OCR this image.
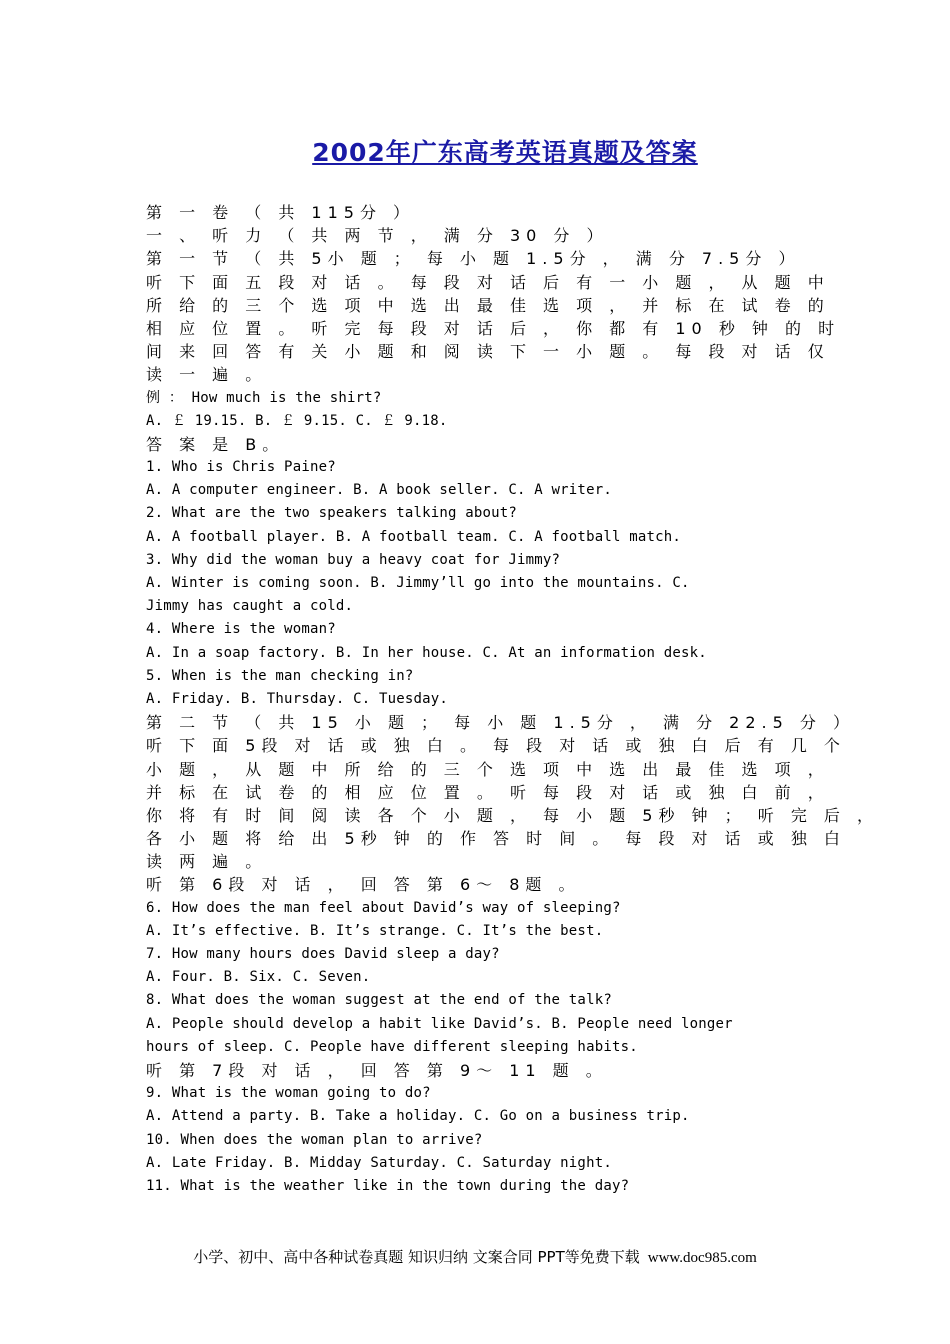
2002年广东高考英语真题及答案
第 一 卷 （ 共 115分 ）
一 、 听 力 （ 共 两 节 ， 满 分 30 分 ）
第 一 节 （ 共 5小 题 ； 每 小 题 1.5分 ， 满 分 7.5分 ）
听 下 面 五 段 对 话 。 每 段 对 话 后 有 一 小 题 ， 从 题 中
所 给 的 三 个 选 项 中 选 出 最 佳 选 项 ， 并 标 在 试 卷 的
相 应 位 置 。 听 完 每 段 对 话 后 ， 你 都 有 10 秒 钟 的 时
间 来 回 答 有 关 小 题 和 阅 读 下 一 小 题 。 每 段 对 话 仅
读 一 遍 。
例 ： How much is the shirt?
A. ￡ 19.15. B. ￡ 9.15. C. ￡ 9.18.
答 案 是 B。
1. Who is Chris Paine?
A. A computer engineer. B. A book seller. C. A writer.
2. What are the two speakers talking about?
A. A football player. B. A football team. C. A football match.
3. Why did the woman buy a heavy coat for Jimmy?
A. Winter is coming soon. B. Jimmy’ll go into the mountains. C.
Jimmy has caught a cold.
4. Where is the woman?
A. In a soap factory. B. In her house. C. At an information desk.
5. When is the man checking in?
A. Friday. B. Thursday. C. Tuesday.
第 二 节 （ 共 15 小 题 ； 每 小 题 1.5分 ， 满 分 22.5 分 ）
听 下 面 5段 对 话 或 独 白 。 每 段 对 话 或 独 白 后 有 几 个
小 题 ， 从 题 中 所 给 的 三 个 选 项 中 选 出 最 佳 选 项 ，
并 标 在 试 卷 的 相 应 位 置 。 听 每 段 对 话 或 独 白 前 ，
你 将 有 时 间 阅 读 各 个 小 题 ， 每 小 题 5秒 钟 ； 听 完 后 ，
各 小 题 将 给 出 5秒 钟 的 作 答 时 间 。 每 段 对 话 或 独 白
读 两 遍 。
听 第 6段 对 话 ， 回 答 第 6～ 8题 。
6. How does the man feel about David’s way of sleeping?
A. It’s effective. B. It’s strange. C. It’s the best.
7. How many hours does David sleep a day?
A. Four. B. Six. C. Seven.
8. What does the woman suggest at the end of the talk?
A. People should develop a habit like David’s. B. People need longer
hours of sleep. C. People have different sleeping habits.
听 第 7段 对 话 ， 回 答 第 9～ 11 题 。
9. What is the woman going to do?
A. Attend a party. B. Take a holiday. C. Go on a business trip.
10. When does the woman plan to arrive?
A. Late Friday. B. Midday Saturday. C. Saturday night.
11. What is the weather like in the town during the day?
小学、初中、高中各种试卷真题 知识归纳 文案合同 PPT等免费下载 www.doc985.com
